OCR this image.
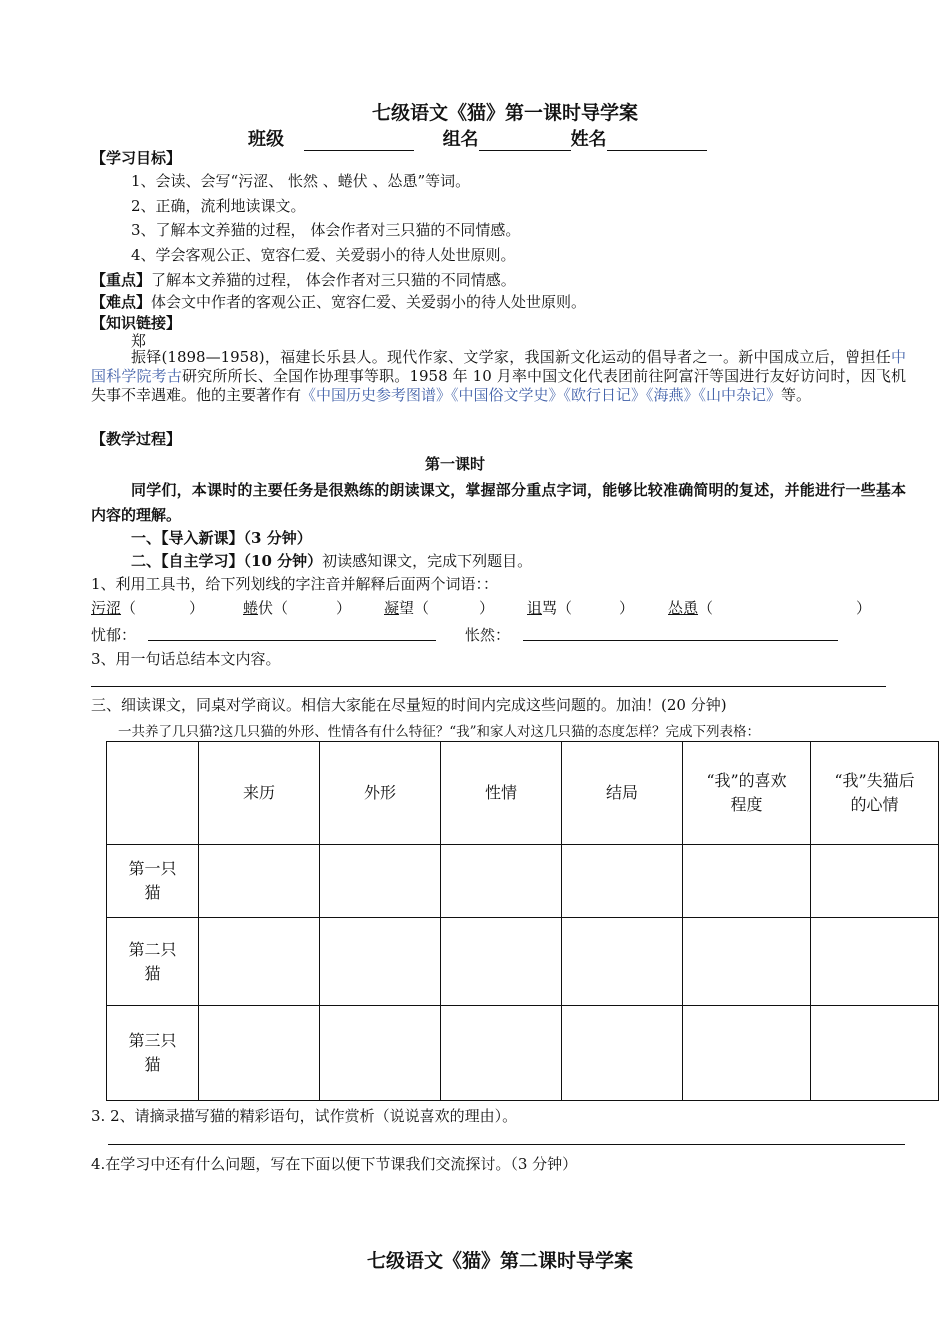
七级语文《猫》第一课时导学案
班级	组名	姓名
【学习目标】
1、会读、会写“污涩、 怅然 、蜷伏 、怂恿”等词。
2、正确，流利地读课文。
3、了解本文养猫的过程， 体会作者对三只猫的不同情感。
4、学会客观公正、宽容仁爱、关爱弱小的待人处世原则。
【重点】了解本文养猫的过程， 体会作者对三只猫的不同情感。
【难点】体会文中作者的客观公正、宽容仁爱、关爱弱小的待人处世原则。
【知识链接】
郑
振铎(1898—1958)，福建长乐县人。现代作家、文学家，我国新文化运动的倡导者之一。新中国成立后，曾担任中国科学院考古研究所所长、全国作协理事等职。1958 年 10 月率中国文化代表团前往阿富汗等国进行友好访问时，因飞机失事不幸遇难。他的主要著作有《中国历史参考图谱》《中国俗文学史》《欧行日记》《海燕》《山中杂记》等。
【教学过程】
第一课时
同学们，本课时的主要任务是很熟练的朗读课文，掌握部分重点字词，能够比较准确简明的复述，并能进行一些基本内容的理解。
一、【导入新课】（3 分钟）
二、【自主学习】（10 分钟）初读感知课文，完成下列题目。
1、利用工具书，给下列划线的字注音并解释后面两个词语：：
污涩（	）	蜷伏（	） 凝望（	） 诅骂（	） 怂恿（	）
忧郁：	怅然：
3、用一句话总结本文内容。
三、细读课文，同桌对学商议。相信大家能在尽量短的时间内完成这些问题的。加油！(20 分钟)
一共养了几只猫?这几只猫的外形、性情各有什么特征？“我”和家人对这几只猫的态度怎样？完成下列表格：
	来历	外形	性情	结局	“我”的喜欢程度	“我”失猫后的心情
第一只猫						
第二只猫						
第三只猫						
3. 2、请摘录描写猫的精彩语句，试作赏析（说说喜欢的理由）。
4.在学习中还有什么问题，写在下面以便下节课我们交流探讨。（3 分钟）
七级语文《猫》第二课时导学案
